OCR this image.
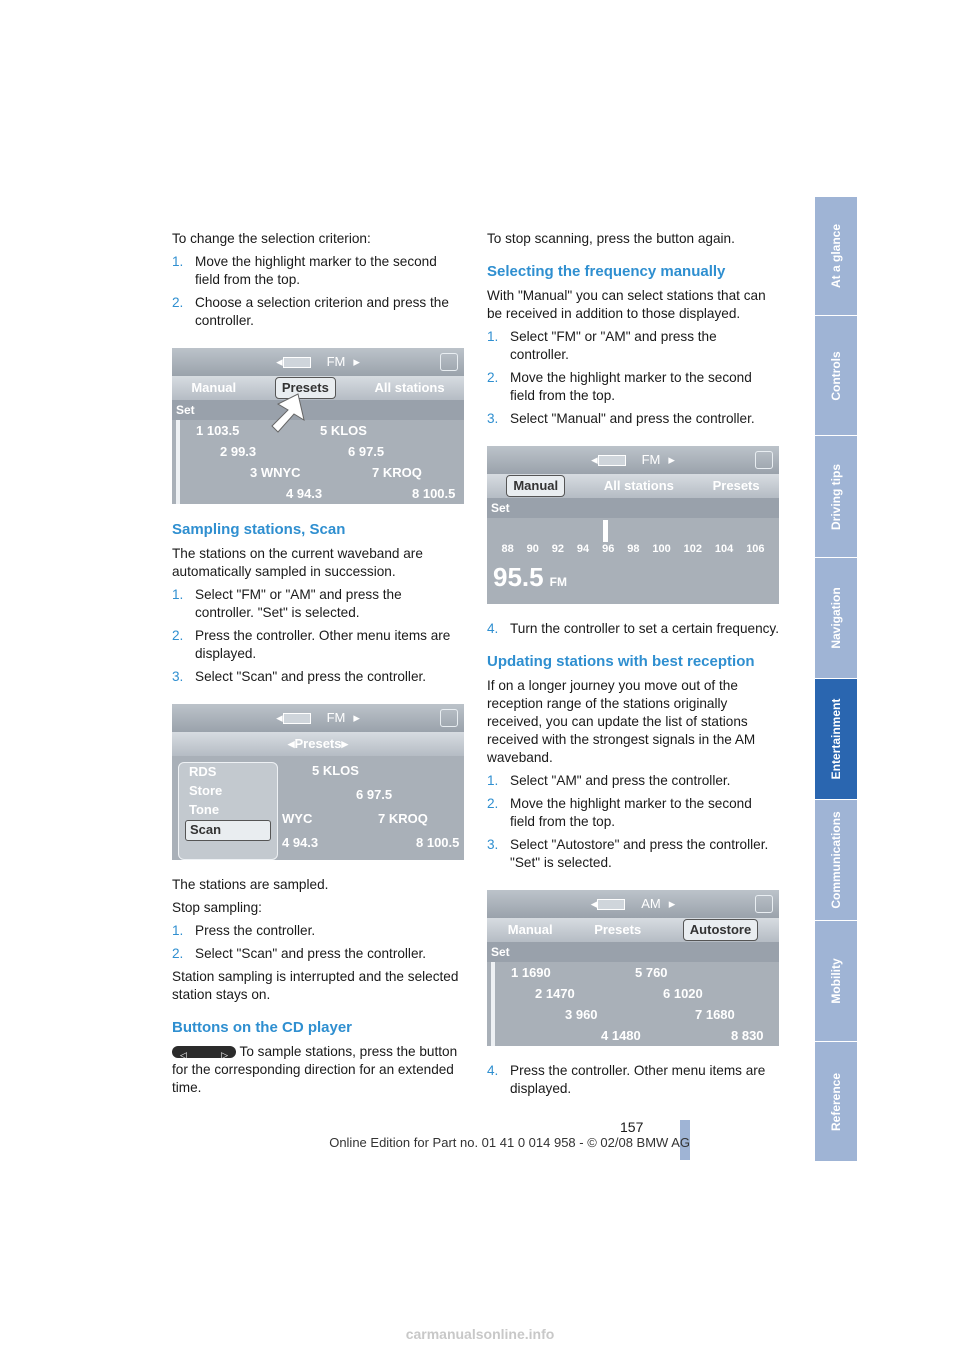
To change the selection criterion:

1. Move the highlight marker to the second field from the top.
2. Choose a selection criterion and press the controller.
◂	FM ▸
Manual	Presets	All stations
Set
1 103.5	5 KLOS
2 99.3	6 97.5
3 WNYC	7 KROQ
4 94.3	8 100.5
Sampling stations, Scan

The stations on the current waveband are automatically sampled in succession.

1. Select "FM" or "AM" and press the controller. "Set" is selected.
2. Press the controller. Other menu items are displayed.
3. Select "Scan" and press the controller.
◂	FM ▸
◂ Presets ▸
5 KLOS
6 97.5
WYC	7 KROQ
4 94.3	8 100.5
RDS
Store
Tone
Scan

The stations are sampled.

Stop sampling:

1. Press the controller.
2. Select "Scan" and press the controller.

Station sampling is interrupted and the selected station stays on.

Buttons on the CD player

◁	▷ To sample stations, press the button for the corresponding direction for an extended time.

To stop scanning, press the button again.

Selecting the frequency manually

With "Manual" you can select stations that can be received in addition to those displayed.

1. Select "FM" or "AM" and press the controller.
2. Move the highlight marker to the second field from the top.
3. Select "Manual" and press the controller.
◂	FM ▸
Manual	All stations	Presets
Set
88 90 92 94 96 98 100 102 104 106
95.5 FM
4. Turn the controller to set a certain frequency.
Updating stations with best reception

If on a longer journey you move out of the reception range of the stations originally received, you can update the list of stations received with the strongest signals in the AM waveband.

1. Select "AM" and press the controller.
2. Move the highlight marker to the second field from the top.
3. Select "Autostore" and press the controller. "Set" is selected.
◂	AM ▸
Manual	Presets	Autostore
Set
1 1690	5 760
2 1470	6 1020
3 960	7 1680
4 1480	8 830
4. Press the controller. Other menu items are displayed.
At a glance
Controls
Driving tips
Navigation
Entertainment
Communications
Mobility
Reference
157
Online Edition for Part no. 01 41 0 014 958 - © 02/08 BMW AG
carmanualsonline.info
